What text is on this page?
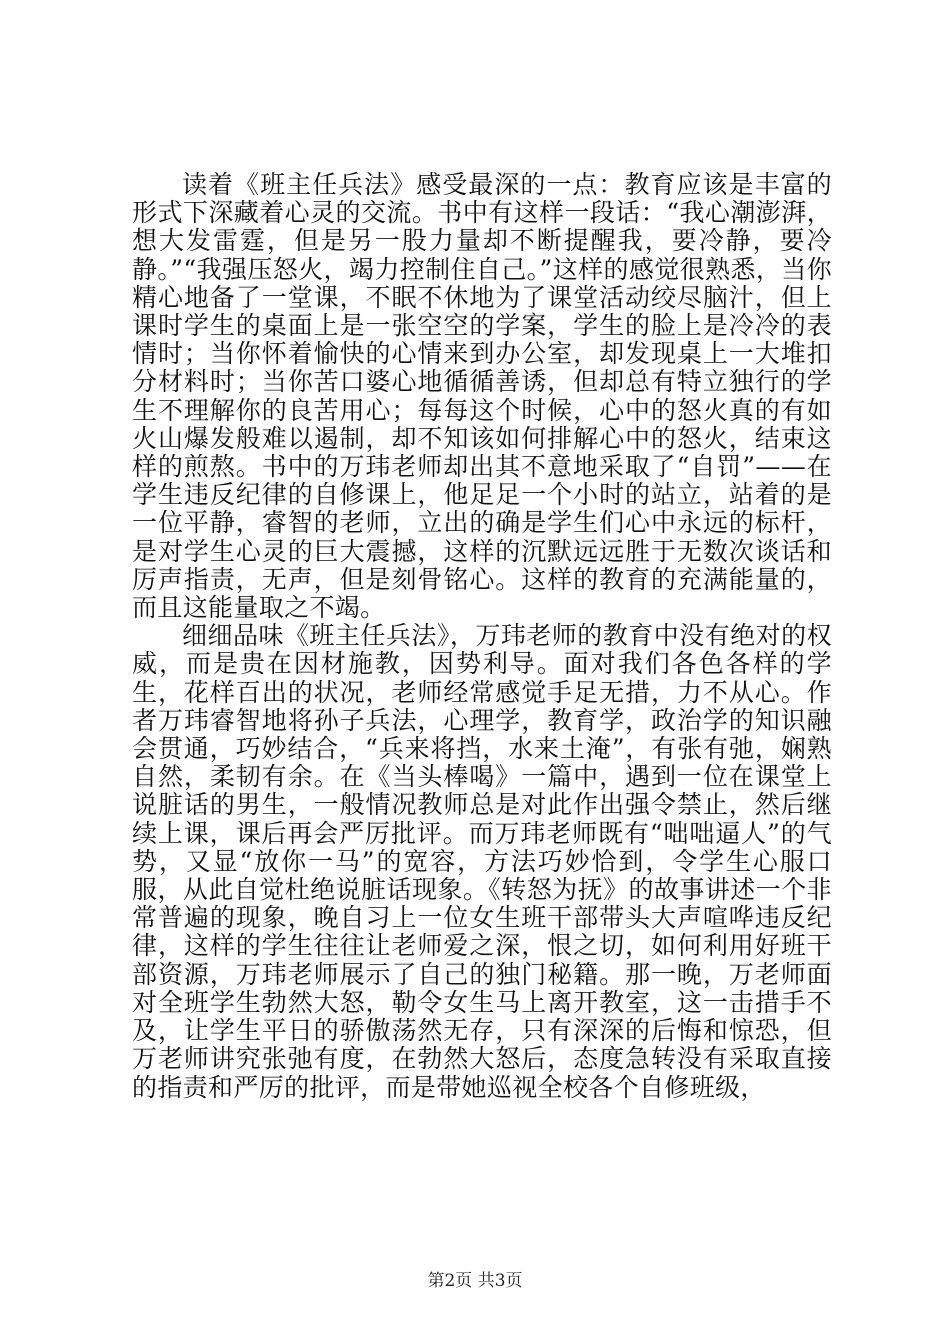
读着《班主任兵法》感受最深的一点：教育应该是丰富的形式下深藏着心灵的交流。书中有这样一段话：“我心潮澎湃，想大发雷霆，但是另一股力量却不断提醒我，要冷静，要冷静。”“我强压怒火，竭力控制住自己。”这样的感觉很熟悉，当你精心地备了一堂课，不眠不休地为了课堂活动绞尽脑汁，但上课时学生的桌面上是一张空空的学案，学生的脸上是冷冷的表情时；当你怀着愉快的心情来到办公室，却发现桌上一大堆扣分材料时；当你苦口婆心地循循善诱，但却总有特立独行的学生不理解你的良苦用心；每每这个时候，心中的怒火真的有如火山爆发般难以遏制，却不知该如何排解心中的怒火，结束这样的煎熬。书中的万玮老师却出其不意地采取了“自罚”——在学生违反纪律的自修课上，他足足一个小时的站立，站着的是一位平静，睿智的老师，立出的确是学生们心中永远的标杆，是对学生心灵的巨大震撼，这样的沉默远远胜于无数次谈话和厉声指责，无声，但是刻骨铭心。这样的教育的充满能量的，而且这能量取之不竭。

细细品味《班主任兵法》，万玮老师的教育中没有绝对的权威，而是贵在因材施教，因势利导。面对我们各色各样的学生，花样百出的状况，老师经常感觉手足无措，力不从心。作者万玮睿智地将孙子兵法，心理学，教育学，政治学的知识融会贯通，巧妙结合，“兵来将挡，水来土淹”，有张有弛，娴熟自然，柔韧有余。在《当头棒喝》一篇中，遇到一位在课堂上说脏话的男生，一般情况教师总是对此作出强令禁止，然后继续上课，课后再会严厉批评。而万玮老师既有“咄咄逼人”的气势，又显“放你一马”的宽容，方法巧妙恰到，令学生心服口服，从此自觉杜绝说脏话现象。《转怒为抚》的故事讲述一个非常普遍的现象，晚自习上一位女生班干部带头大声喧哗违反纪律，这样的学生往往让老师爱之深，恨之切，如何利用好班干部资源，万玮老师展示了自己的独门秘籍。那一晚，万老师面对全班学生勃然大怒，勒令女生马上离开教室，这一击措手不及，让学生平日的骄傲荡然无存，只有深深的后悔和惊恐，但万老师讲究张弛有度，在勃然大怒后，态度急转没有采取直接的指责和严厉的批评，而是带她巡视全校各个自修班级，

第2页 共3页
